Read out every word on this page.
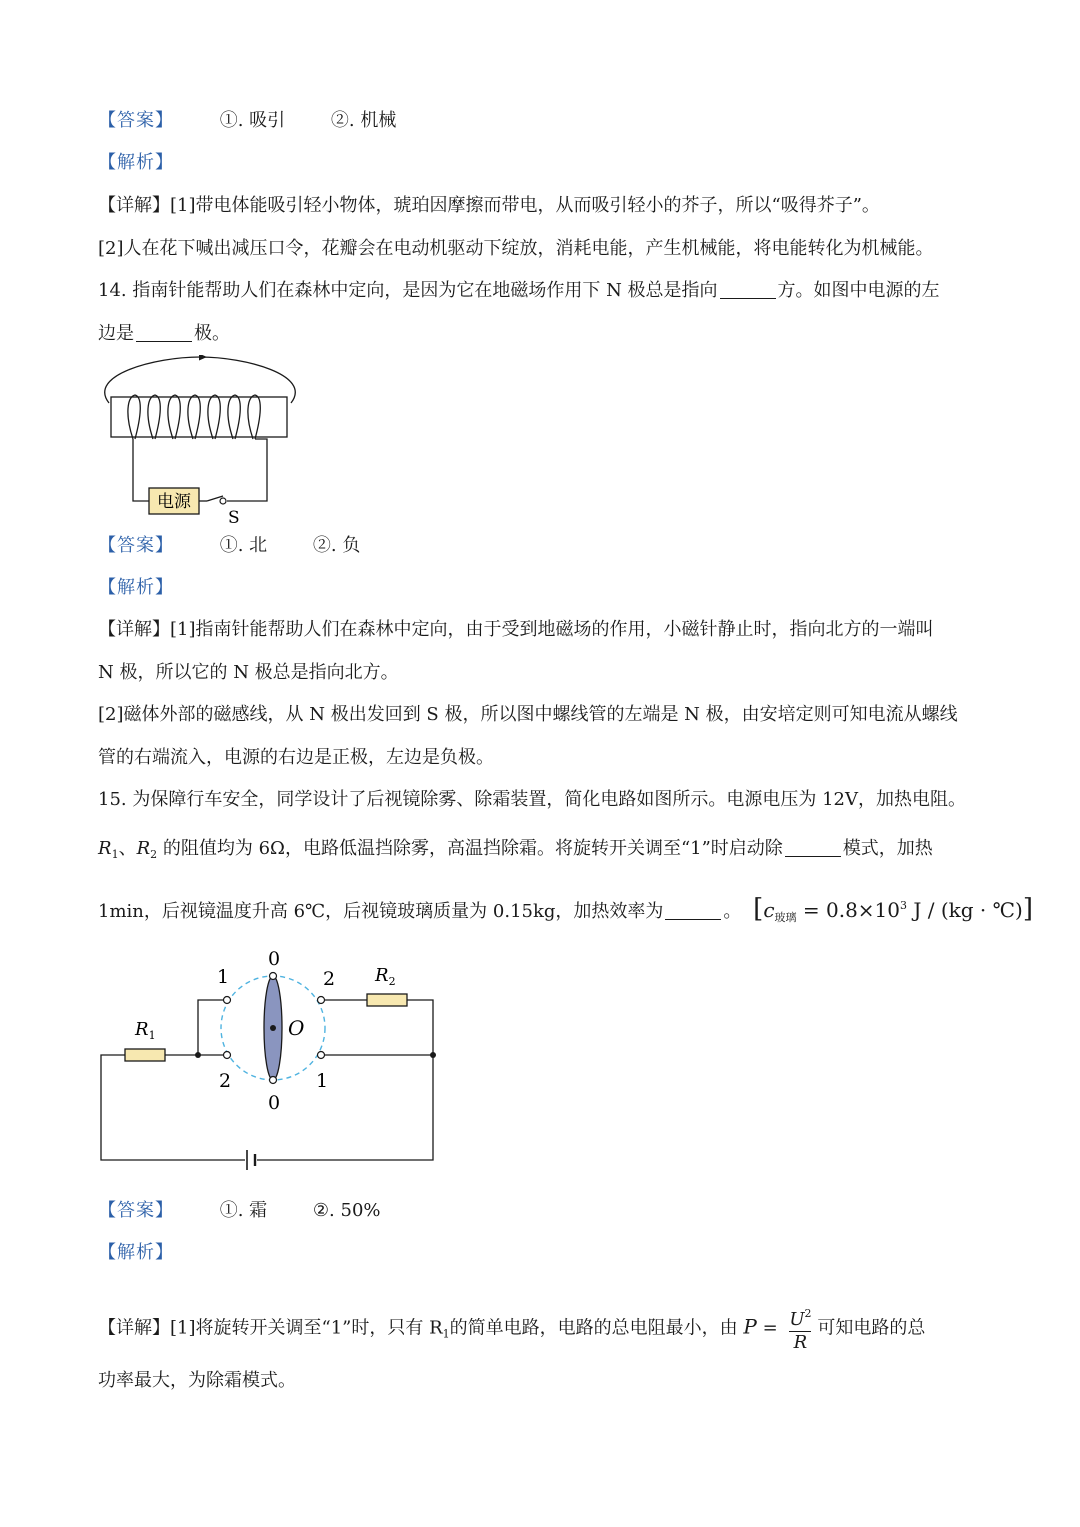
【答案】	①. 吸引	②. 机械
【解析】
【详解】[1]带电体能吸引轻小物体，琥珀因摩擦而带电，从而吸引轻小的芥子，所以“吸得芥子”。
[2]人在花下喊出减压口令，花瓣会在电动机驱动下绽放，消耗电能，产生机械能，将电能转化为机械能。
14. 指南针能帮助人们在森林中定向，是因为它在地磁场作用下 N 极总是指向	方。如图中电源的左
边是	极。
电源
S
【答案】	①. 北	②. 负
【解析】
【详解】[1]指南针能帮助人们在森林中定向，由于受到地磁场的作用，小磁针静止时，指向北方的一端叫
N 极，所以它的 N 极总是指向北方。
[2]磁体外部的磁感线，从 N 极出发回到 S 极，所以图中螺线管的左端是 N 极，由安培定则可知电流从螺线
管的右端流入，电源的右边是正极，左边是负极。
15. 为保障行车安全，同学设计了后视镜除雾、除霜装置，简化电路如图所示。电源电压为 12V，加热电阻。
$R_1$、$R_2$ 的阻值均为 6Ω，电路低温挡除雾，高温挡除霜。将旋转开关调至“1”时启动除	模式，加热
1min，后视镜温度升高 6℃，后视镜玻璃质量为 0.15kg，加热效率为	。 [$c_{玻璃} = 0.8\times 10^3$ J / (kg · ℃)]
$R_1$	O
0
1	2
2	1
0
$R_2$
【答案】	①. 霜	②. 50%
【解析】
【详解】[1]将旋转开关调至“1”时，只有 $R_1$的简单电路，电路的总电阻最小，由 $P = \frac{U^2}{R}$ 可知电路的总
功率最大，为除霜模式。
